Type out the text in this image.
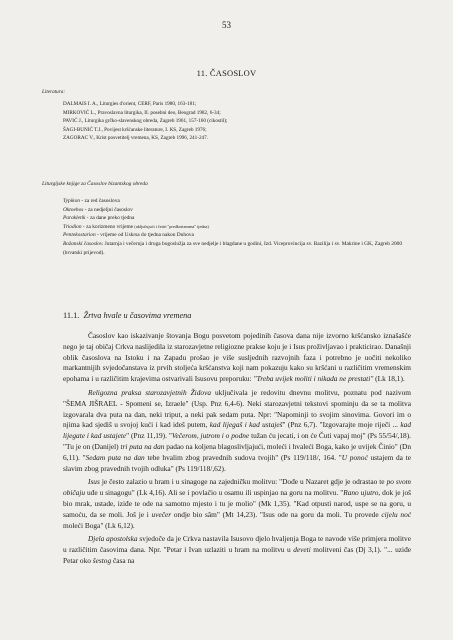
53
11. ČASOSLOV
Literatura:
DALMAIS I. A., Liturgies d'orient, CERF, Paris 1980, 163-181;
MIRKOVIĆ L., Pravoslavna liturgika, II. posebni deo, Beograd 1982, 6-34;
PAVIĆ J., Liturgika grčko-slavenskog obreda, Zagreb 1961, 157-160 (cikostil);
ŠAGI-BUNIĆ T.J., Povijest kršćanske literature, I. KS, Zagreb 1976;
ZAGORAC V., Krist posvetitelj vremena, KS, Zagreb 1996, 241-247.
Liturgijske knjige za Časoslov bizantskog obreda
Typikon - za red časoslova
Oktoehos - za nedjeljni časoslov
Parakletik - za dane preko tjedna
Triodion - za korizmeno vrijeme (uključujući i četiri "predkorizmena" tjedna)
Pentekostarion - vrijeme od Uskrsa do tjedna nakon Duhova
Božanski časoslov. Jutarnja i večernja i druga bogoslužja za sve nedjelje i blagdane u godini, Izd. Viceprovincija sv. Bazilija i sv. Makrine i GK, Zagreb 2000 (hrvatski prijevod).
11.1. Žrtva hvale u časovima vremena

Časoslov kao iskazivanje štovanja Bogu posvetom pojedinih časova dana nije izvorno kršćansko iznašašće nego je taj običaj Crkva naslijedila iz starozavjetne religiozne prakse koju je i Isus proživljavao i prakticirao. Današnji oblik časoslova na Istoku i na Zapadu prošao je više susljednih razvojnih faza i potrebno je uočiti nekoliko markantnijih svjedočanstava iz prvih stoljeća kršćanstva koji nam pokazuju kako su kršćani u različitim vremenskim epohama i u različitim krajevima ostvarivali Isusovu preporuku: "Treba uvijek moliti i nikada ne prestati" (Lk 18,1).

Religozna praksa starozavjetnih Židova uključivala je redovitu dnevnu molitvu, poznatu pod nazivom "ŠEMA JIŠRAEL - Spomeni se, Izraele" (Usp. Pnz 6,4-6). Neki starozavjetni tekstovi spominju da se ta molitva izgovarala dva puta na dan, neki triput, a neki pak sedam puta. Npr: "Napominji to svojim sinovima. Govori im o njima kad sjediš u svojoj kući i kad ideš putem, kad lijegaš i kad ustaješ" (Pnz 6,7). "Izgovarajte moje riječi ... kad lijegate i kad ustajete" (Pnz 11,19). "Večerom, jutrom i o podne tužan ću jecati, i on će Čuti vapaj moj" (Ps 55/54/,18). "Tu je on (Danijel) tri puta na dan padao na koljena blagoslivljajući, moleći i hvaleći Boga, kako je uvijek Činio" (Dn 6,11). "Sedam puta na dan tebe hvalim zbog pravednih sudova tvojih" (Ps 119/118/, 164. "U ponoć ustajem da te slavim zbog pravednih tvojih odluka" (Ps 119/118/,62).

Isus je često zalazio u hram i u sinagoge na zajedničku molitvu: "Dođe u Nazaret gdje je odrastao te po svom običaju uđe u sinagogu" (Lk 4,16). Ali se i povlačio u osamu ili uspinjao na goru na molitvu. "Rano ujutro, dok je još bio mrak, ustade, iziđe te ode na samotno mjesto i tu je molio" (Mk 1,35). "Kad otpusti narod, uspe se na goru, u samoću, da se moli. Još je i uvečer ondje bio sâm" (Mt 14,23). "Isus ode na goru da moli. Tu provede cijelu noć moleći Boga" (Lk 6,12).

Djela apostolska svjedoče da je Crkva nastavila Isusovo djelo hvaljenja Boga te navode više primjera molitve u različitim časovima dana. Npr. "Petar i Ivan uzlaziti u hram na molitvu u deveti molitveni čas (Dj 3,1). "... uziđe Petar oko šestog časa na
